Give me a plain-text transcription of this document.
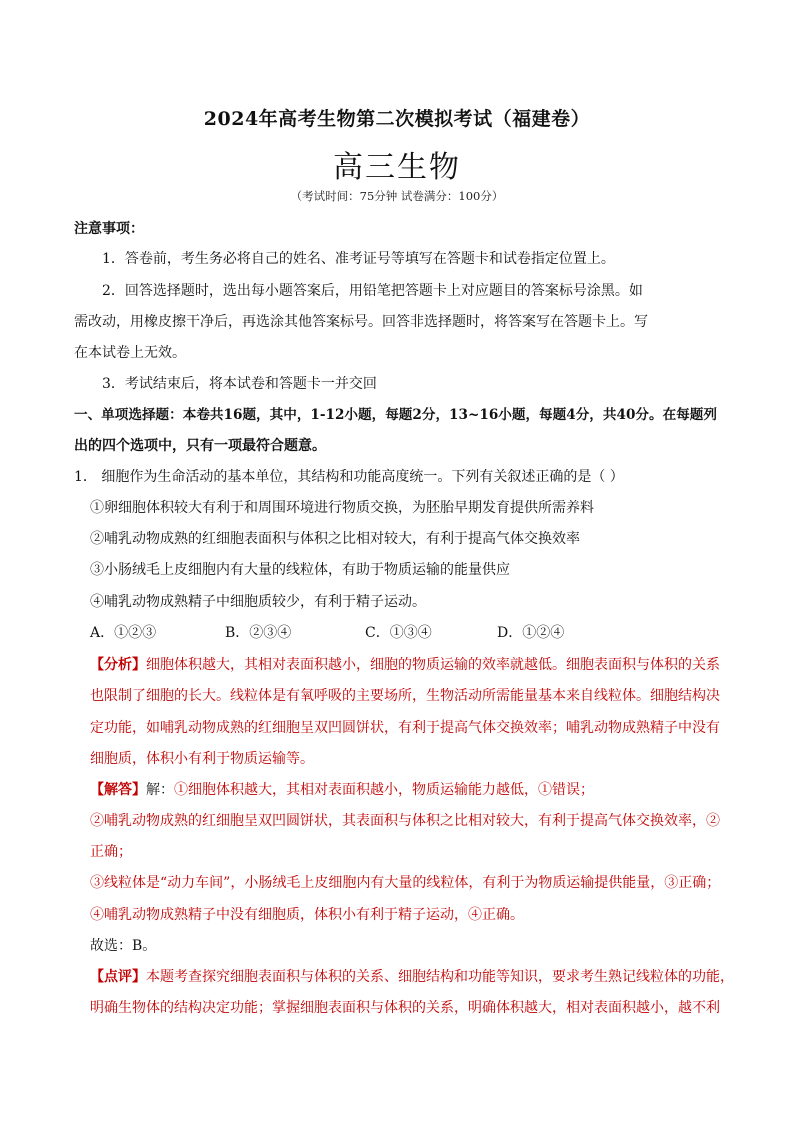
2024年高考生物第二次模拟考试（福建卷）
高三生物
（考试时间：75分钟 试卷满分：100分）
注意事项：
1．答卷前，考生务必将自己的姓名、准考证号等填写在答题卡和试卷指定位置上。
2．回答选择题时，选出每小题答案后，用铅笔把答题卡上对应题目的答案标号涂黑。如
需改动，用橡皮擦干净后，再选涂其他答案标号。回答非选择题时，将答案写在答题卡上。写
在本试卷上无效。
3．考试结束后，将本试卷和答题卡一并交回
一、单项选择题：本卷共16题，其中，1-12小题，每题2分，13~16小题，每题4分，共40分。在每题列
出的四个选项中，只有一项最符合题意。
1． 细胞作为生命活动的基本单位，其结构和功能高度统一。下列有关叙述正确的是（ ）
①卵细胞体积较大有利于和周围环境进行物质交换，为胚胎早期发育提供所需养料
②哺乳动物成熟的红细胞表面积与体积之比相对较大，有利于提高气体交换效率
③小肠绒毛上皮细胞内有大量的线粒体，有助于物质运输的能量供应
④哺乳动物成熟精子中细胞质较少，有利于精子运动。
A．①②③	B．②③④	C．①③④	D．①②④
【分析】细胞体积越大，其相对表面积越小，细胞的物质运输的效率就越低。细胞表面积与体积的关系
也限制了细胞的长大。线粒体是有氧呼吸的主要场所，生物活动所需能量基本来自线粒体。细胞结构决
定功能，如哺乳动物成熟的红细胞呈双凹圆饼状，有利于提高气体交换效率；哺乳动物成熟精子中没有
细胞质，体积小有利于物质运输等。
【解答】解：①细胞体积越大，其相对表面积越小，物质运输能力越低，①错误；
②哺乳动物成熟的红细胞呈双凹圆饼状，其表面积与体积之比相对较大，有利于提高气体交换效率，②
正确；
③线粒体是“动力车间”，小肠绒毛上皮细胞内有大量的线粒体，有利于为物质运输提供能量，③正确；
④哺乳动物成熟精子中没有细胞质，体积小有利于精子运动，④正确。
故选：B。
【点评】本题考查探究细胞表面积与体积的关系、细胞结构和功能等知识，要求考生熟记线粒体的功能，
明确生物体的结构决定功能；掌握细胞表面积与体积的关系，明确体积越大，相对表面积越小，越不利
